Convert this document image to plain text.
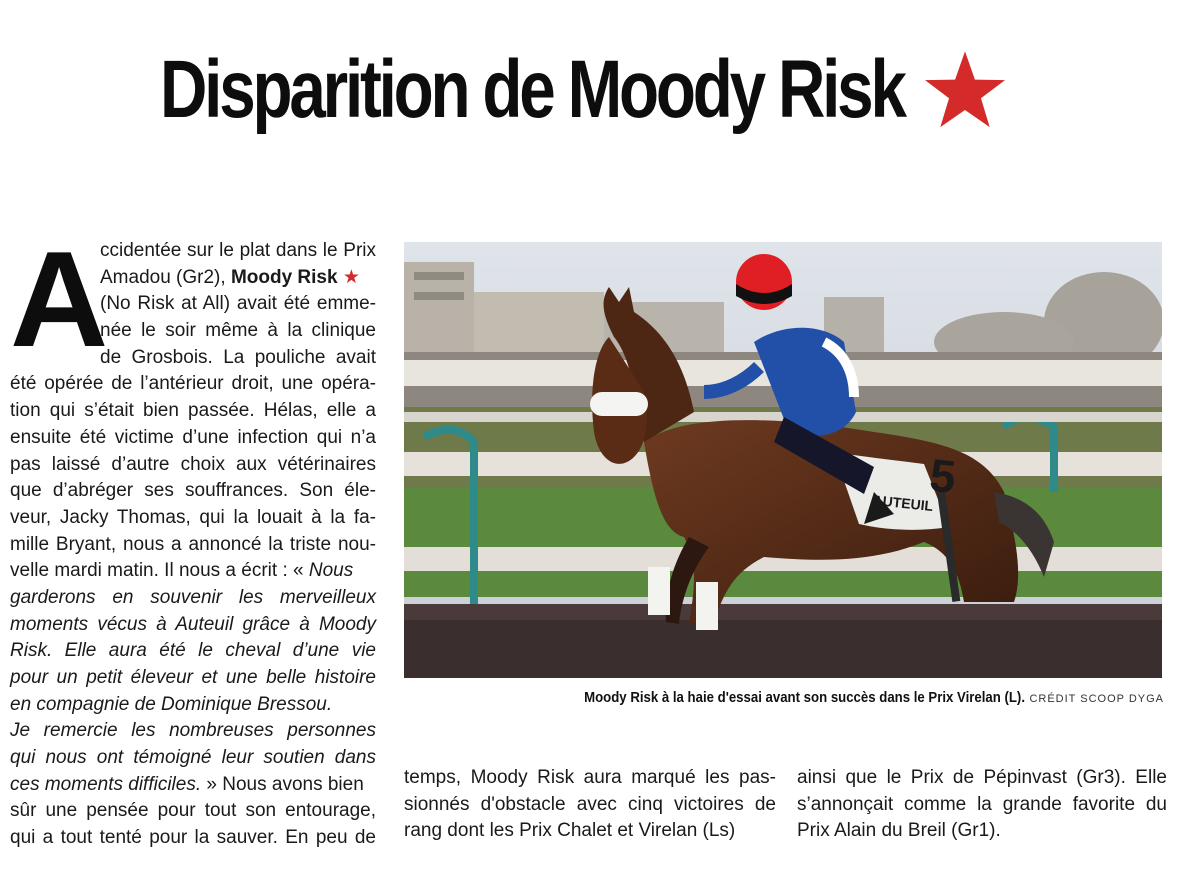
Disparition de Moody Risk
A
ccidentée sur le plat dans le Prix
Amadou (Gr2), Moody Risk ★
(No Risk at All) avait été emme-
née le soir même à la clinique
de Grosbois. La pouliche avait
été opérée de l’antérieur droit, une opéra-
tion qui s’était bien passée. Hélas, elle a
ensuite été victime d’une infection qui n’a
pas laissé d’autre choix aux vétérinaires
que d’abréger ses souffrances. Son éle-
veur, Jacky Thomas, qui la louait à la fa-
mille Bryant, nous a annoncé la triste nou-
velle mardi matin. Il nous a écrit : « Nous
garderons en souvenir les merveilleux
moments vécus à Auteuil grâce à Moody
Risk. Elle aura été le cheval d’une vie
pour un petit éleveur et une belle histoire
en compagnie de Dominique Bressou.
Je remercie les nombreuses personnes
qui nous ont témoigné leur soutien dans
ces moments difficiles. » Nous avons bien
sûr une pensée pour tout son entourage,
qui a tout tenté pour la sauver. En peu de
5
AUTEUIL
Moody Risk à la haie d'essai avant son succès dans le Prix Virelan (L). CRÉDIT SCOOP DYGA
temps, Moody Risk aura marqué les pas-
sionnés d'obstacle avec cinq victoires de
rang dont les Prix Chalet et Virelan (Ls)
ainsi que le Prix de Pépinvast (Gr3). Elle
s’annonçait comme la grande favorite du
Prix Alain du Breil (Gr1).
